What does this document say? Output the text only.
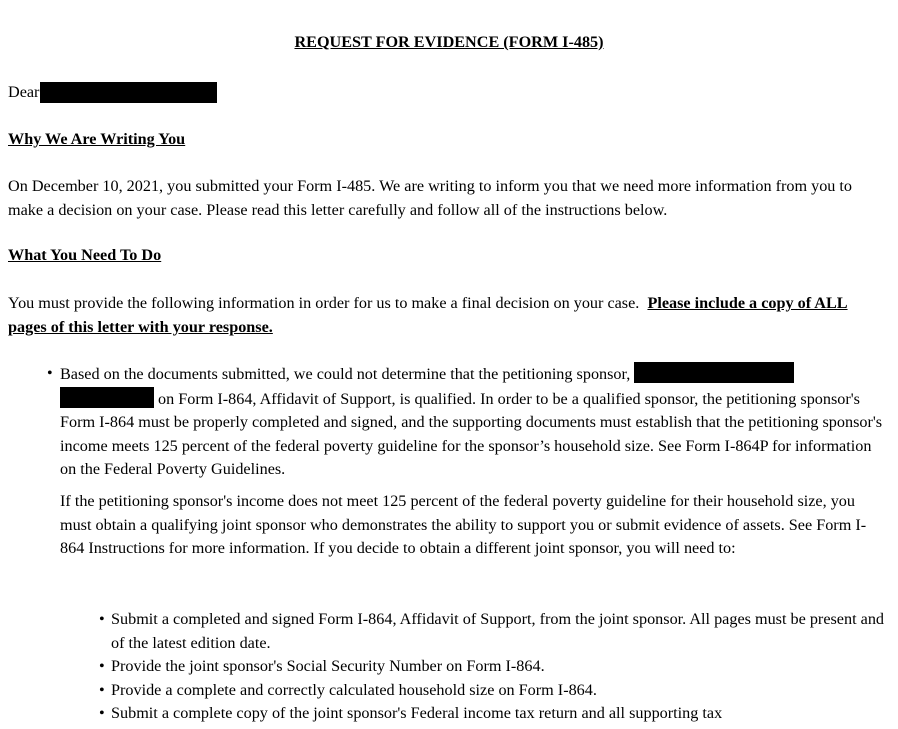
REQUEST FOR EVIDENCE (FORM I-485)
Dear
Why We Are Writing You

On December 10, 2021, you submitted your Form I-485. We are writing to inform you that we need more information from you to make a decision on your case. Please read this letter carefully and follow all of the instructions below.

What You Need To Do

You must provide the following information in order for us to make a final decision on your case. Please include a copy of ALL pages of this letter with your response.

• Based on the documents submitted, we could not determine that the petitioning sponsor, on Form I-864, Affidavit of Support, is qualified. In order to be a qualified sponsor, the petitioning sponsor's Form I-864 must be properly completed and signed, and the supporting documents must establish that the petitioning sponsor's income meets 125 percent of the federal poverty guideline for the sponsor’s household size. See Form I-864P for information on the Federal Poverty Guidelines.

If the petitioning sponsor's income does not meet 125 percent of the federal poverty guideline for their household size, you must obtain a qualifying joint sponsor who demonstrates the ability to support you or submit evidence of assets. See Form I-864 Instructions for more information. If you decide to obtain a different joint sponsor, you will need to:

• Submit a completed and signed Form I-864, Affidavit of Support, from the joint sponsor. All pages must be present and of the latest edition date.
• Provide the joint sponsor's Social Security Number on Form I-864.
• Provide a complete and correctly calculated household size on Form I-864.
• Submit a complete copy of the joint sponsor's Federal income tax return and all supporting tax
